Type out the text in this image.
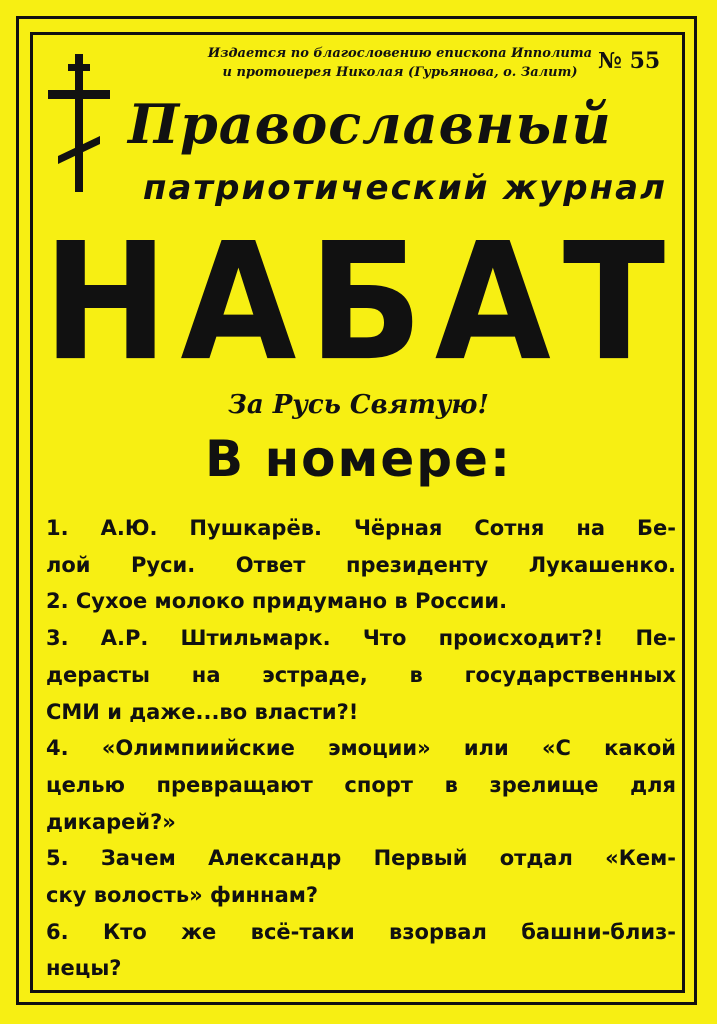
Издается по благословению епископа Ипполита
и протоиерея Николая (Гурьянова, о. Залит) № 55
Православный
патриотический журнал
НАБАТ
За Русь Святую!
В номере:
1. А.Ю. Пушкарёв. Чёрная Сотня на Бе-
лой Руси. Ответ президенту Лукашенко.
2. Сухое молоко придумано в России.
3. А.Р. Штильмарк. Что происходит?! Пе-
дерасты на эстраде, в государственных
СМИ и даже...во власти?!
4. «Олимпиийские эмоции» или «С какой
целью превращают спорт в зрелище для
дикарей?»
5. Зачем Александр Первый отдал «Кем-
ску волость» финнам?
6. Кто же всё-таки взорвал башни-близ-
нецы?
